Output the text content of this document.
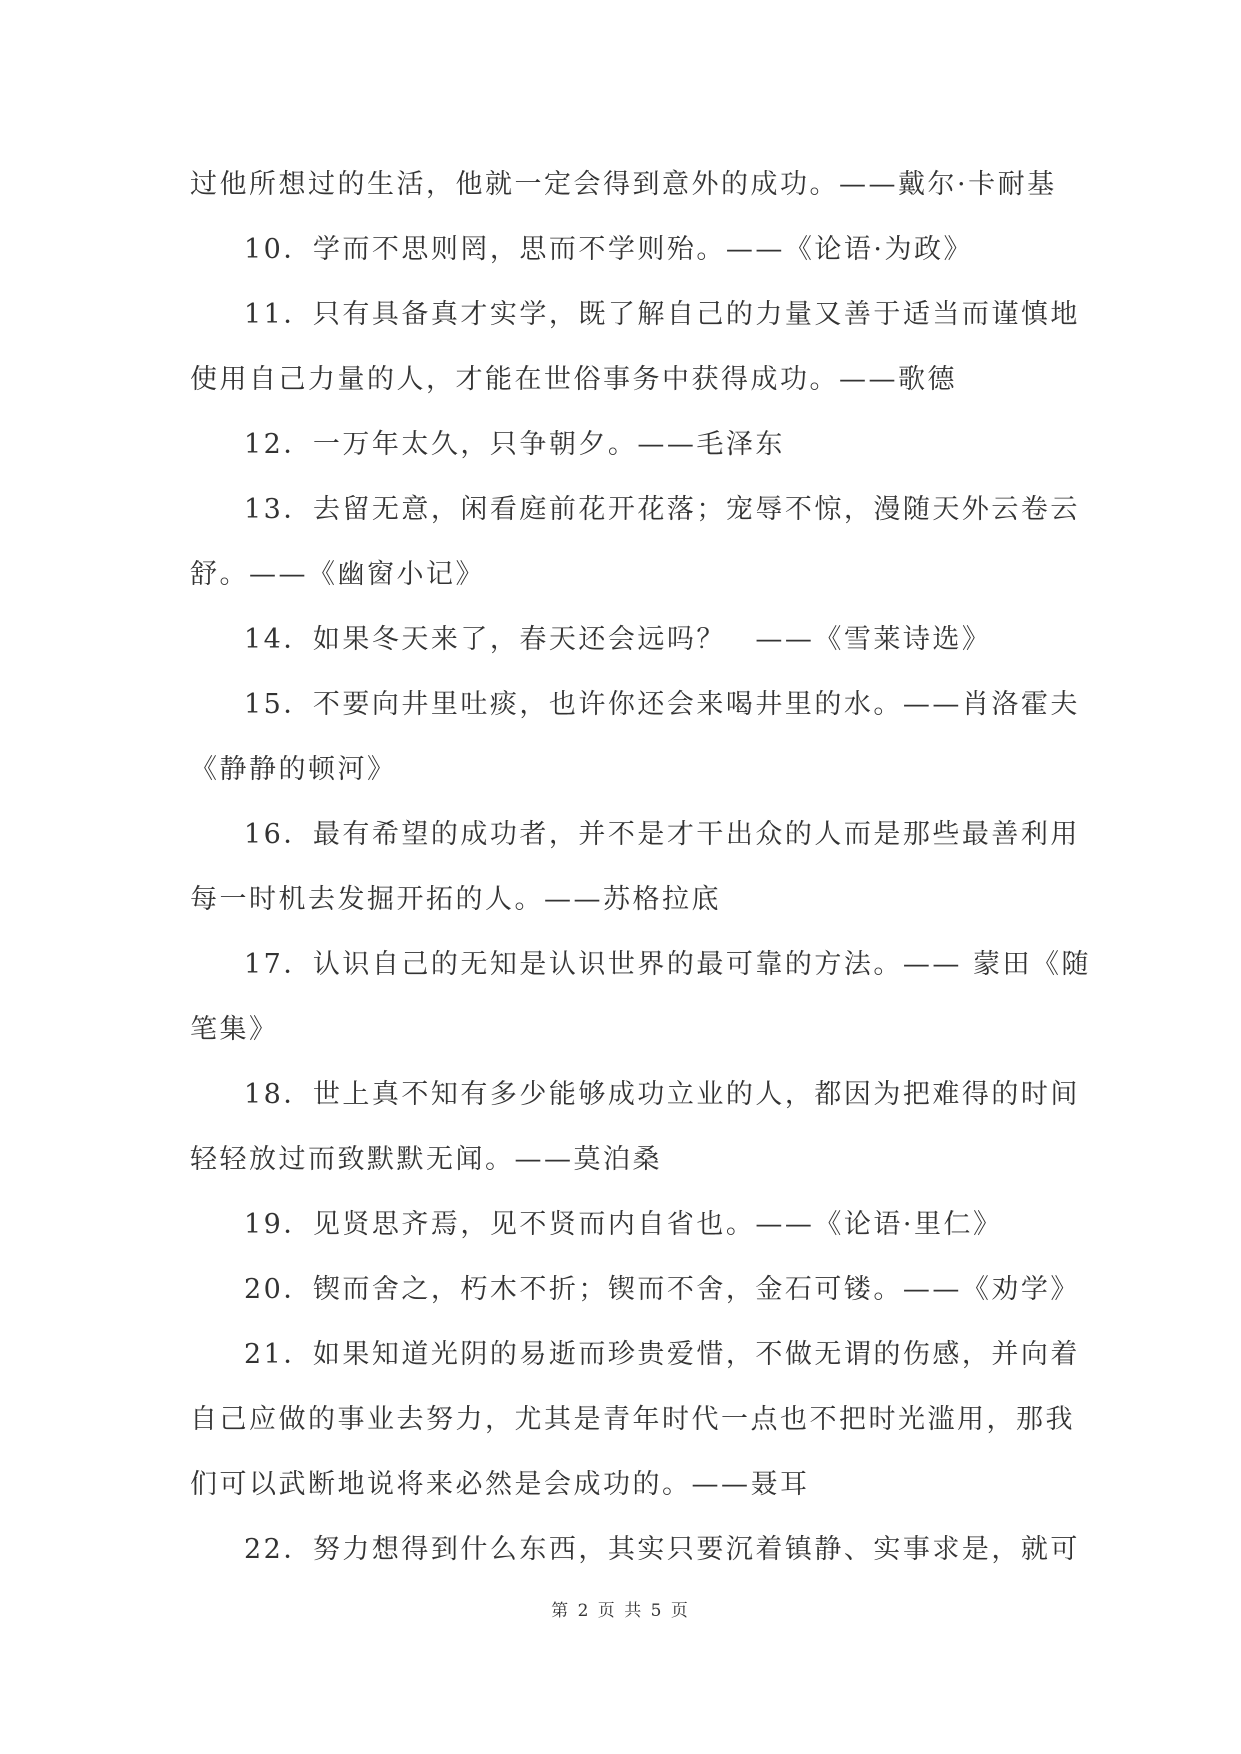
过他所想过的生活，他就一定会得到意外的成功。——戴尔·卡耐基
10．学而不思则罔，思而不学则殆。——《论语·为政》
11．只有具备真才实学，既了解自己的力量又善于适当而谨慎地
使用自己力量的人，才能在世俗事务中获得成功。——歌德
12．一万年太久，只争朝夕。——毛泽东
13．去留无意，闲看庭前花开花落；宠辱不惊，漫随天外云卷云
舒。——《幽窗小记》
14．如果冬天来了，春天还会远吗？　——《雪莱诗选》
15．不要向井里吐痰，也许你还会来喝井里的水。——肖洛霍夫
《静静的顿河》
16．最有希望的成功者，并不是才干出众的人而是那些最善利用
每一时机去发掘开拓的人。——苏格拉底
17．认识自己的无知是认识世界的最可靠的方法。—— 蒙田《随
笔集》
18．世上真不知有多少能够成功立业的人，都因为把难得的时间
轻轻放过而致默默无闻。——莫泊桑
19．见贤思齐焉，见不贤而内自省也。——《论语·里仁》
20．锲而舍之，朽木不折；锲而不舍，金石可镂。——《劝学》
21．如果知道光阴的易逝而珍贵爱惜，不做无谓的伤感，并向着
自己应做的事业去努力，尤其是青年时代一点也不把时光滥用，那我
们可以武断地说将来必然是会成功的。——聂耳
22．努力想得到什么东西，其实只要沉着镇静、实事求是，就可
第 2 页 共 5 页
